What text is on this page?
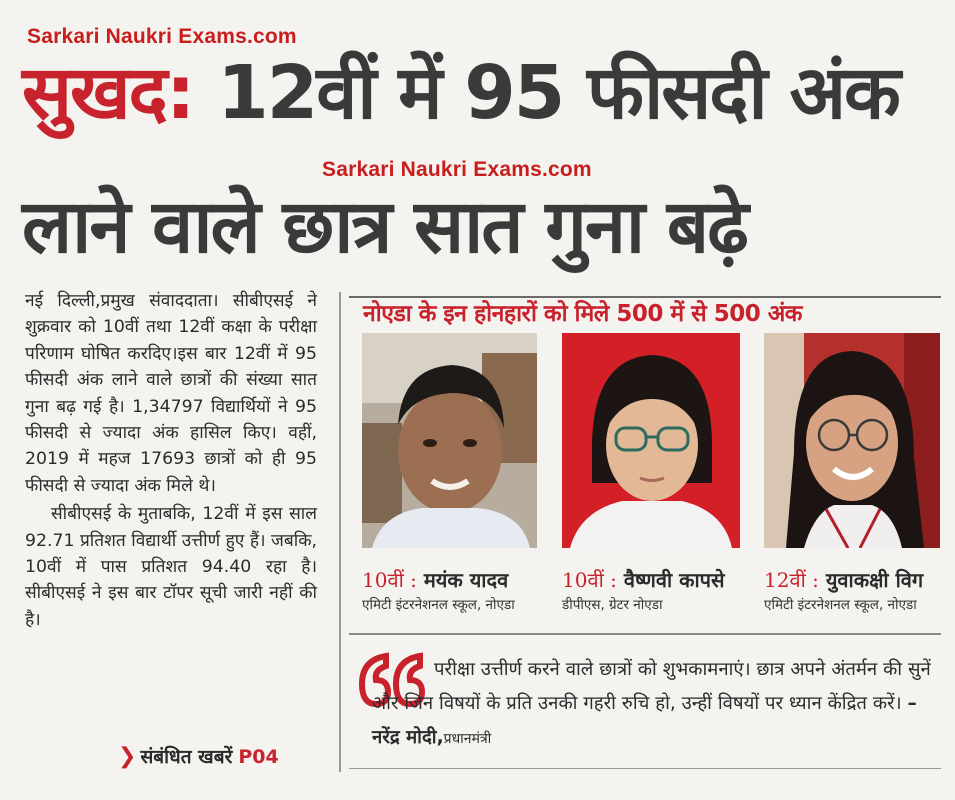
Sarkari Naukri Exams.com
सुखद: 12वीं में 95 फीसदी अंक
Sarkari Naukri Exams.com
लाने वाले छात्र सात गुना बढ़े

नई दिल्ली,प्रमुख संवाददाता। सीबीएसई ने शुक्रवार को 10वीं तथा 12वीं कक्षा के परीक्षा परिणाम घोषित करदिए।इस बार 12वीं में 95 फीसदी अंक लाने वाले छात्रों की संख्या सात गुना बढ़ गई है। 1,34797 विद्यार्थियों ने 95 फीसदी से ज्यादा अंक हासिल किए। वहीं, 2019 में महज 17693 छात्रों को ही 95 फीसदी से ज्यादा अंक मिले थे।

सीबीएसई के मुताबकि, 12वीं में इस साल 92.71 प्रतिशत विद्यार्थी उत्तीर्ण हुए हैं। जबकि, 10वीं में पास प्रतिशत 94.40 रहा है। सीबीएसई ने इस बार टॉपर सूची जारी नहीं की है।

❯ संबंधित खबरें P04
नोएडा के इन होनहारों को मिले 500 में से 500 अंक
10वीं : मयंक यादव
एमिटी इंटरनेशनल स्कूल, नोएडा
10वीं : वैष्णवी कापसे
डीपीएस, ग्रेटर नोएडा
12वीं : युवाकक्षी विग
एमिटी इंटरनेशनल स्कूल, नोएडा
परीक्षा उत्तीर्ण करने वाले छात्रों को शुभकामनाएं। छात्र अपने अंतर्मन की सुनें और जिन विषयों के प्रति उनकी गहरी रुचि हो, उन्हीं विषयों पर ध्यान केंद्रित करें। – नरेंद्र मोदी,प्रधानमंत्री
